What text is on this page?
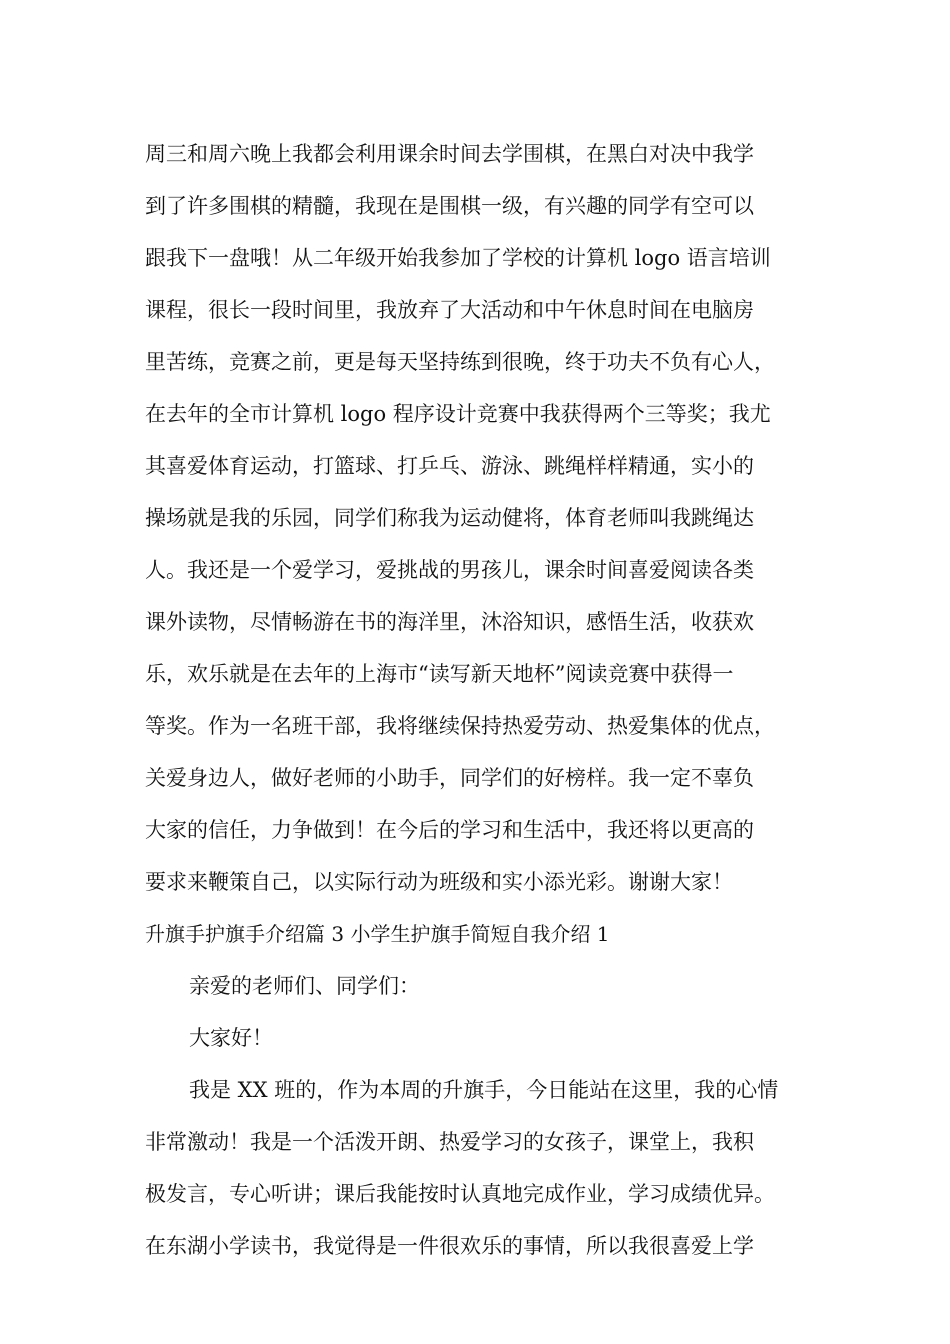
周三和周六晚上我都会利用课余时间去学围棋，在黑白对决中我学
到了许多围棋的精髓，我现在是围棋一级，有兴趣的同学有空可以
跟我下一盘哦！从二年级开始我参加了学校的计算机 logo 语言培训
课程，很长一段时间里，我放弃了大活动和中午休息时间在电脑房
里苦练，竞赛之前，更是每天坚持练到很晚，终于功夫不负有心人，
在去年的全市计算机 logo 程序设计竞赛中我获得两个三等奖；我尤
其喜爱体育运动，打篮球、打乒乓、游泳、跳绳样样精通，实小的
操场就是我的乐园，同学们称我为运动健将，体育老师叫我跳绳达
人。我还是一个爱学习，爱挑战的男孩儿，课余时间喜爱阅读各类
课外读物，尽情畅游在书的海洋里，沐浴知识，感悟生活，收获欢
乐，欢乐就是在去年的上海市“读写新天地杯”阅读竞赛中获得一
等奖。作为一名班干部，我将继续保持热爱劳动、热爱集体的优点，
关爱身边人，做好老师的小助手，同学们的好榜样。我一定不辜负
大家的信任，力争做到！在今后的学习和生活中，我还将以更高的
要求来鞭策自己，以实际行动为班级和实小添光彩。谢谢大家！
升旗手护旗手介绍篇 3 小学生护旗手简短自我介绍 1
亲爱的老师们、同学们：
大家好！
我是 XX 班的，作为本周的升旗手，今日能站在这里，我的心情
非常激动！我是一个活泼开朗、热爱学习的女孩子，课堂上，我积
极发言，专心听讲；课后我能按时认真地完成作业，学习成绩优异。
在东湖小学读书，我觉得是一件很欢乐的事情，所以我很喜爱上学
